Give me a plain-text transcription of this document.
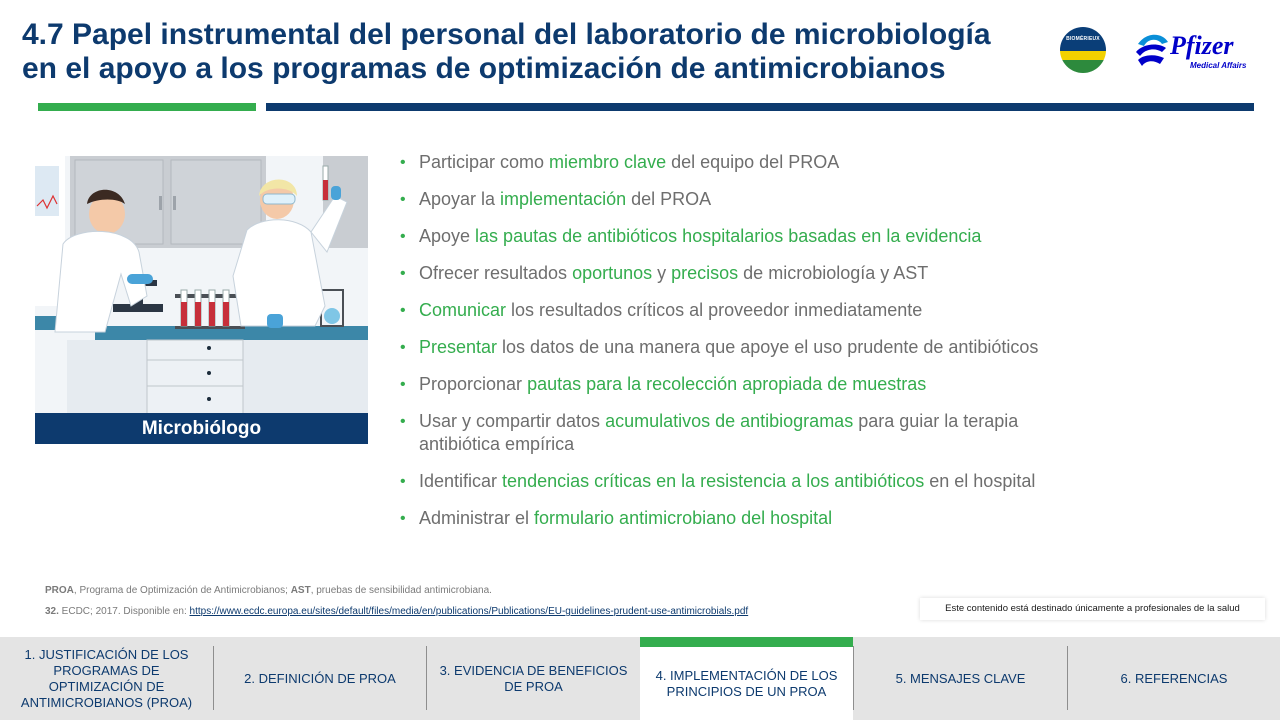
4.7 Papel instrumental del personal del laboratorio de microbiología
en el apoyo a los programas de optimización de antimicrobianos
BIOMÉRIEUX	Pfizer
Medical Affairs
Microbiólogo
• Participar como miembro clave del equipo del PROA
• Apoyar la implementación del PROA
• Apoye las pautas de antibióticos hospitalarios basadas en la evidencia
• Ofrecer resultados oportunos y precisos de microbiología y AST
• Comunicar los resultados críticos al proveedor inmediatamente
• Presentar los datos de una manera que apoye el uso prudente de antibióticos
• Proporcionar pautas para la recolección apropiada de muestras
• Usar y compartir datos acumulativos de antibiogramas para guiar la terapia antibiótica empírica
• Identificar tendencias críticas en la resistencia a los antibióticos en el hospital
• Administrar el formulario antimicrobiano del hospital
PROA, Programa de Optimización de Antimicrobianos; AST, pruebas de sensibilidad antimicrobiana.
32. ECDC; 2017. Disponible en: https://www.ecdc.europa.eu/sites/default/files/media/en/publications/Publications/EU-guidelines-prudent-use-antimicrobials.pdf	Este contenido está destinado únicamente a profesionales de la salud
1. JUSTIFICACIÓN DE LOS PROGRAMAS DE OPTIMIZACIÓN DE ANTIMICROBIANOS (PROA)
2. DEFINICIÓN DE PROA
3. EVIDENCIA DE BENEFICIOS DE PROA
4. IMPLEMENTACIÓN DE LOS PRINCIPIOS DE UN PROA
5. MENSAJES CLAVE	6. REFERENCIAS
